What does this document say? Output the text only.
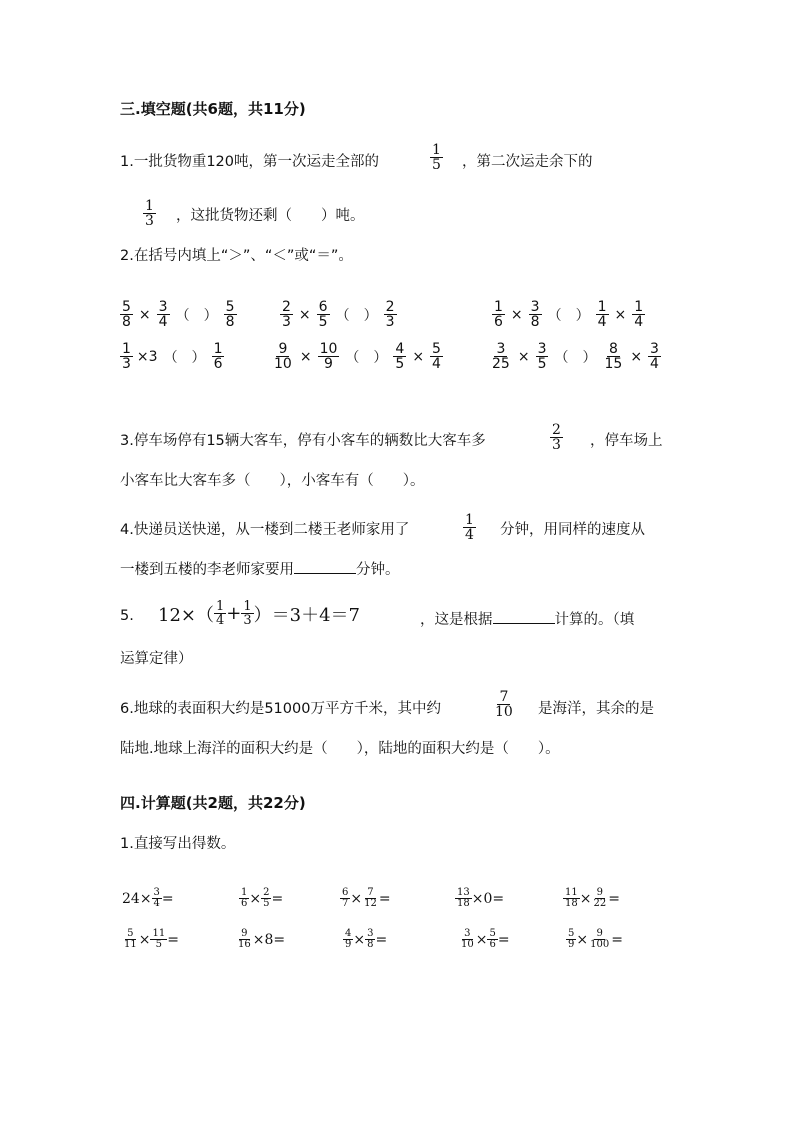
三.填空题(共6题，共11分)
1.一批货物重120吨，第一次运走全部的	$\frac{1}{5}$ ，第二次运走余下的
$\frac{1}{3}$ ，这批货物还剩（　　）吨。
2.在括号内填上“＞”、“＜”或“＝”。
$\frac{5}{8} \times \frac{3}{4}$ （　） $\frac{5}{8}$	$\frac{2}{3} \times \frac{6}{5}$ （　） $\frac{2}{3}$	$\frac{1}{6} \times \frac{3}{8}$ （　） $\frac{1}{4} \times \frac{1}{4}$
$\frac{1}{3} \times 3$ （　） $\frac{1}{6}$	$\frac{9}{10} \times \frac{10}{9}$ （　） $\frac{4}{5} \times \frac{5}{4}$	$\frac{3}{25} \times \frac{3}{5}$ （　） $\frac{8}{15} \times \frac{3}{4}$
3.停车场停有15辆大客车，停有小客车的辆数比大客车多	$\frac{2}{3}$ ，停车场上
小客车比大客车多（　　），小客车有（　　）。
4.快递员送快递，从一楼到二楼王老师家用了	$\frac{1}{4}$ 分钟，用同样的速度从
一楼到五楼的李老师家要用	分钟。
5. $12\times( \frac{1}{4} + \frac{1}{3} )=3+4=7$	，这是根据	计算的。（填
运算定律）
6.地球的表面积大约是51000万平方千米，其中约	$\frac{7}{10}$ 是海洋，其余的是
陆地.地球上海洋的面积大约是（　　），陆地的面积大约是（　　）。
四.计算题(共2题，共22分)
1.直接写出得数。
$24\times \frac{3}{4}$ =	$\frac{1}{6} \times \frac{2}{5}$ =	$\frac{6}{7} \times \frac{7}{12}$ =	$\frac{13}{18} \times 0=$	$\frac{11}{18} \times \frac{9}{22}$ =
$\frac{5}{11} \times \frac{11}{5}$ =	$\frac{9}{16} \times 8=$	$\frac{4}{9} \times \frac{3}{8}$ =	$\frac{3}{10} \times \frac{5}{6}$ =	$\frac{5}{9} \times \frac{9}{100}$ =
